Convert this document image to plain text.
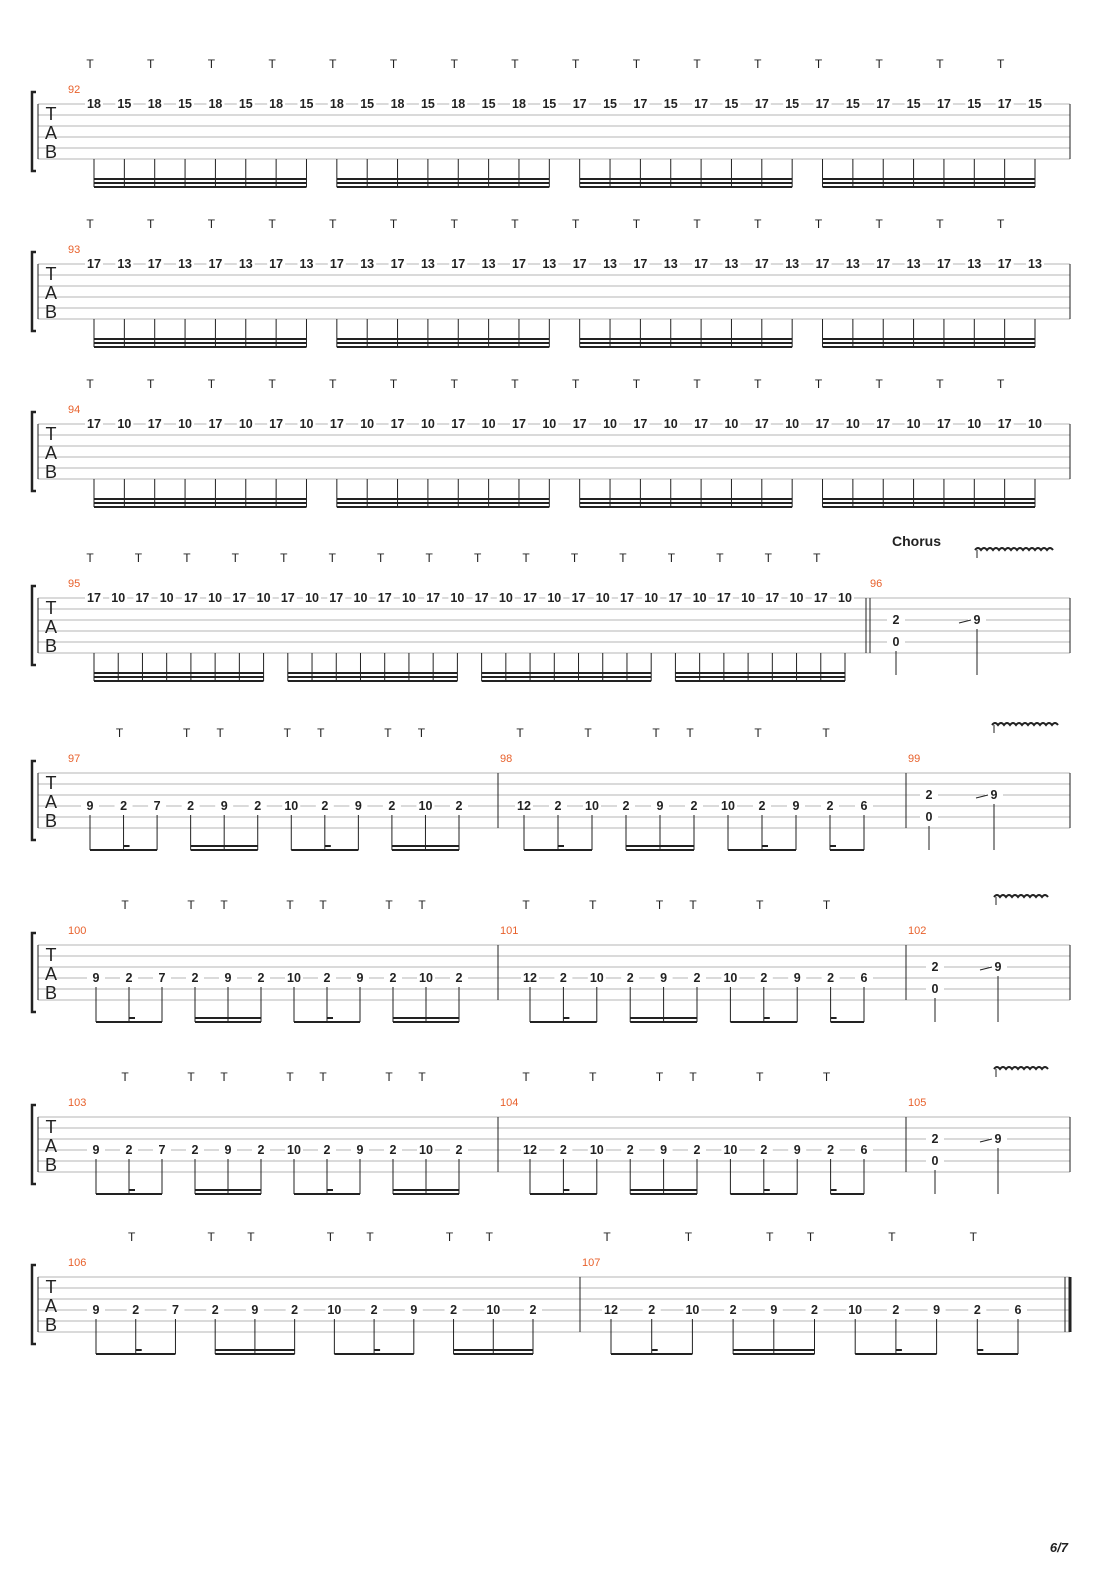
T
A
B
92
18 15 18 15 18 15 18 15 18 15 18 15 18 15 18 15 17 15 17 15 17 15 17 15 17 15 17 15 17 15 17 15
T	T	T	T	T	T	T	T	T	T	T	T	T	T	T	T
T
A
B
93
17 13 17 13 17 13 17 13 17 13 17 13 17 13 17 13 17 13 17 13 17 13 17 13 17 13 17 13 17 13 17 13
T	T	T	T	T	T	T	T	T	T	T	T	T	T	T	T
T
A
B
94
17 10 17 10 17 10 17 10 17 10 17 10 17 10 17 10 17 10 17 10 17 10 17 10 17 10 17 10 17 10 17 10
T	T	T	T	T	T	T	T	T	T	T	T	T	T	T	T
T
A
B
Chorus
95
17 10 17 10 17 10 17 10 17 10 17 10 17 10 17 10 17 10 17 10 17 10 17 10 17 10 17 10 17 10 17 10
T	T	T	T	T	T	T	T	T	T	T	T	T	T	T	T
96
2
0
9
T
A
B
97
9 2 7 2 9 2 10 2 9 2 10 2
T	T T	T T	T T
98
12 2 10 2 9 2 10 2 9 2 6
T	T	T T	T	T
99
2
0
9
T
A
B
100
9 2 7 2 9 2 10 2 9 2 10 2
T	T T	T T	T T
101
12 2 10 2 9 2 10 2 9 2 6
T	T	T T	T	T
102
2
0
9
T
A
B
103
9 2 7 2 9 2 10 2 9 2 10 2
T	T T	T T	T T
104
12 2 10 2 9 2 10 2 9 2 6
T	T	T T	T	T
105
2
0
9
T
A
B
106
9	2	7	2	9	2 10 2	9	2 10 2
T	T	T	T	T	T	T
107
12 2 10 2	9	2 10 2	9	2	6
T	T	T	T	T	T
6/7
